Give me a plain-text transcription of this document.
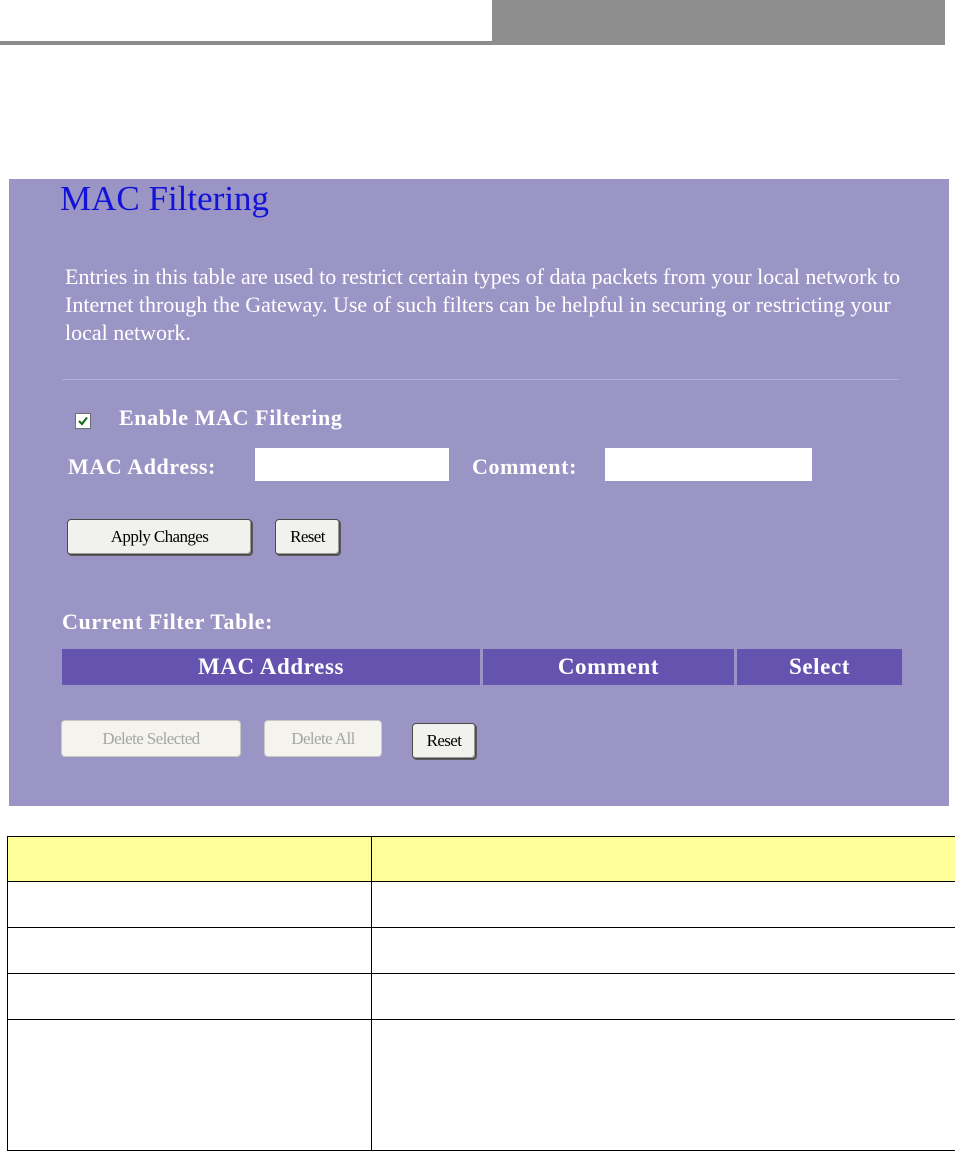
MAC Filtering
Entries in this table are used to restrict certain types of data packets from your local network to Internet through the Gateway. Use of such filters can be helpful in securing or restricting your local network.
Enable MAC Filtering
MAC Address:	Comment:
Apply Changes	Reset
Current Filter Table:
MAC Address	Comment	Select
Delete Selected	Delete All	Reset
